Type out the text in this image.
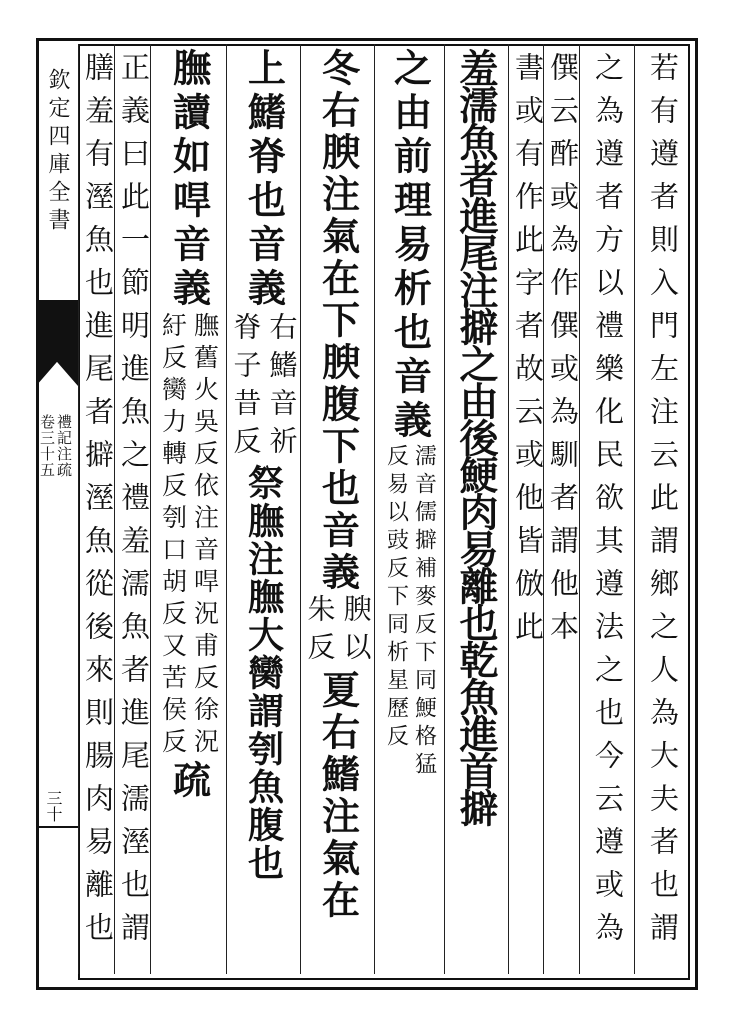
欽定四庫全書
禮記注疏
卷三十五
三十	若有遵者則入門左注云此謂鄉之人為大夫者也謂
之為遵者方以禮樂化民欲其遵法之也今云遵或為
僎云酢或為作僎或為馴者謂他本
書或有作此字者故云或他皆倣此
羞濡魚者進尾注擗之由後鯁肉易離也乾魚進首擗
之由前理易析也音義
反易以豉反下同析星歷反 濡音儒擗補麥反下同鯁格猛
冬右腴注氣在下腴腹下也音義
朱反 腴以
夏右鰭注氣在
上鰭脊也音義
脊子昔反 右鰭音祈
祭膴注膴大臠謂刳魚腹也
膴讀如哻音義
紆反臠力轉反刳口胡反又苦侯反 膴舊火吳反依注音哻況甫反徐況
疏
正義曰此一節明進魚之禮羞濡魚者進尾濡溼也謂
膳羞有溼魚也進尾者擗溼魚從後來則腸肉易離也
